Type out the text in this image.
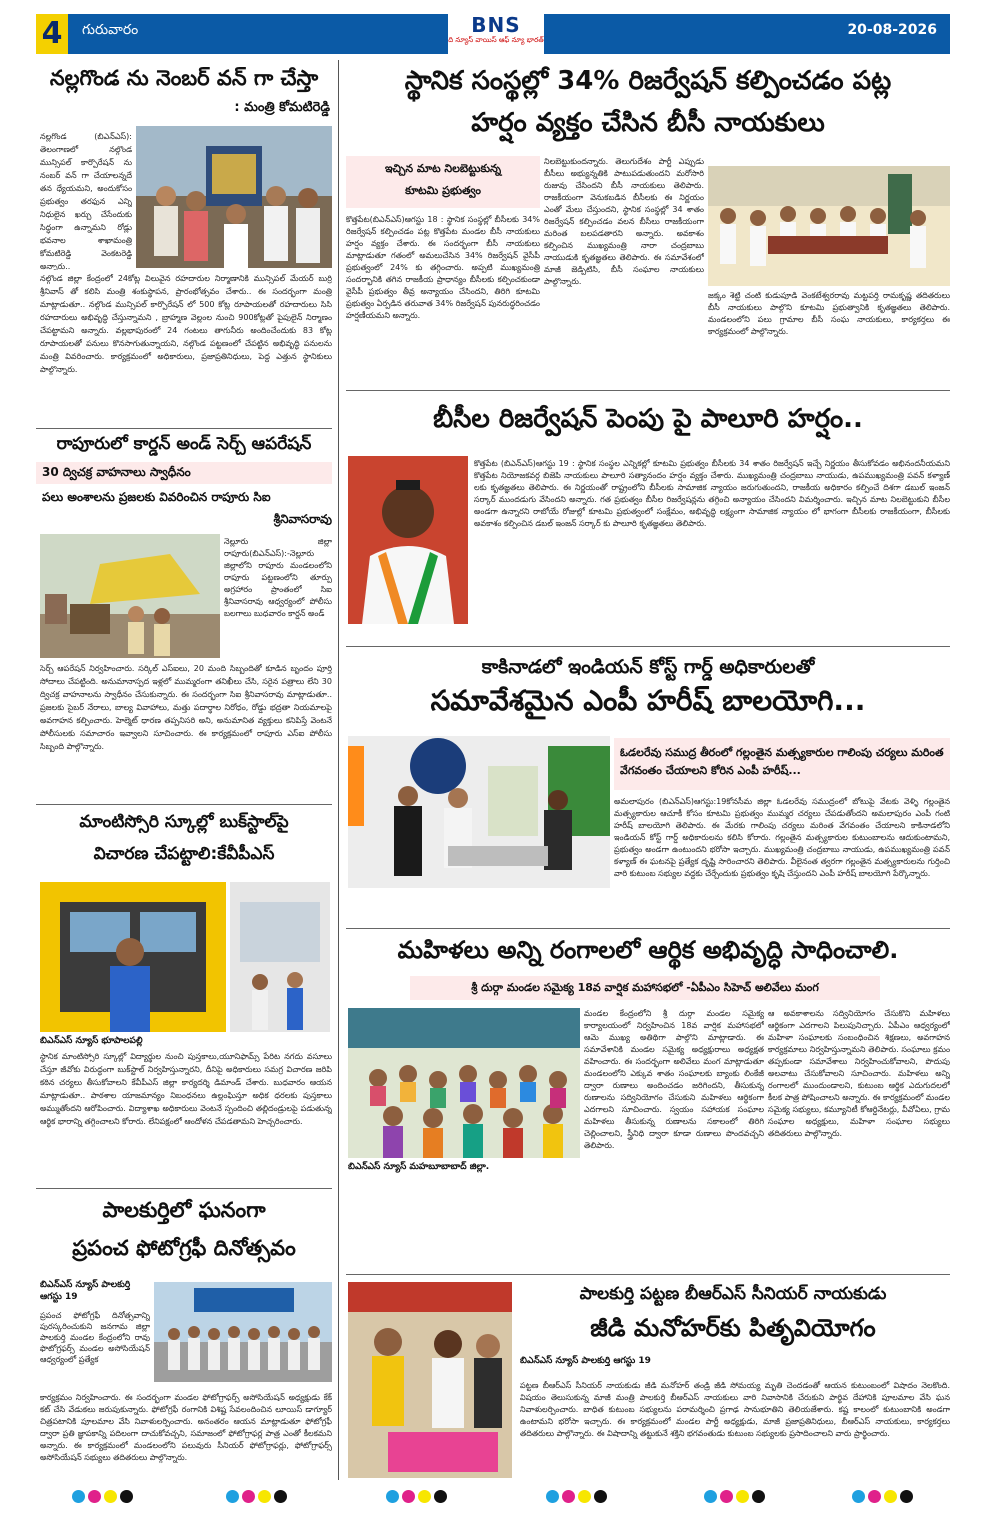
4	గురువారం	BNS
ది న్యూస్ వాయిస్ ఆఫ్ న్యూ భారత్
20-08-2026
నల్లగొండ ను నెంబర్ వన్ గా చేస్తా
: మంత్రి కోమటిరెడ్డి
నల్లగొండ (బిఎన్ఎస్): తెలంగాణలో నల్గొండ మున్సిపల్ కార్పొరేషన్ ను నంబర్ వన్ గా చేయాలన్నదే తన ధ్యేయమని, అందుకోసం ప్రభుత్వం తరఫున ఎన్ని నిధులైన ఖర్చు చేసేందుకు సిద్ధంగా ఉన్నామని రోడ్లు భవనాల శాఖామంత్రి కోమటిరెడ్డి వెంకటరెడ్డి అన్నారు..
నల్గొండ జిల్లా కేంద్రంలో 24కోట్ల విలువైన రహదారుల నిర్మాణానికి మున్సిపల్ మేయర్ బుర్రి శ్రీనివాస్ తో కలిసి మంత్రి శంకుస్థాపన, ప్రారంభోత్సవం చేశారు.. ఈ సందర్భంగా మంత్రి మాట్లాడుతూ.. నల్గొండ మున్సిపల్ కార్పొరేషన్ లో 500 కోట్ల రూపాయలతో రహదారులు సిసి రహదారులు అభివృద్ధి చేస్తున్నామని , బ్రాహ్మణ వెల్లంల నుంచి 900కోట్లతో పైపులైన్ నిర్మాణం చేపట్టామని అన్నారు. వల్లభాపురంలో 24 గంటలు తాగునీరు అందించేందుకు 83 కోట్ల రూపాయలతో పనులు కొనసాగుతున్నాయని, నల్గొండ పట్టణంలో చేపట్టిన అభివృద్ధి పనులను మంత్రి వివరించారు. కార్యక్రమంలో అధికారులు, ప్రజాప్రతినిధులు, పెద్ద ఎత్తున స్థానికులు పాల్గొన్నారు.
రాపూరులో కార్డన్ అండ్ సెర్చ్ ఆపరేషన్
30 ద్విచక్ర వాహనాలు స్వాధీనం
పలు అంశాలను ప్రజలకు వివరించిన రాపూరు సిఐ
శ్రీనివాసరావు
నెల్లూరు జిల్లా రాపూరు(బిఎన్ఎస్):-నెల్లూరు జిల్లాలోని రాపూరు మండలంలోని రాపూరు పట్టణంలోని తూర్పు అగ్రహారం ప్రాంతంలో సిఐ శ్రీనివాసరావు ఆధ్వర్యంలో పోలీసు బలగాలు బుధవారం కార్డన్ అండ్
సెర్చ్ ఆపరేషన్ నిర్వహించారు. సర్కిల్ ఎస్ఐలు, 20 మంది సిబ్బందితో కూడిన బృందం పూర్తి సోదాలు చేపట్టింది. అనుమానాస్పద ఇళ్లలో ముమ్మరంగా తనిఖీలు చేసి, సరైన పత్రాలు లేని 30 ద్విచక్ర వాహనాలను స్వాధీనం చేసుకున్నారు. ఈ సందర్భంగా సిఐ శ్రీనివాసరావు మాట్లాడుతూ.. ప్రజలకు సైబర్ నేరాలు, బాల్య వివాహాలు, మత్తు పదార్థాల నిరోధం, రోడ్డు భద్రతా నియమాలపై అవగాహన కల్పించారు. హెల్మెట్ ధారణ తప్పనిసరి అని, అనుమానిత వ్యక్తులు కనిపిస్తే వెంటనే పోలీసులకు సమాచారం ఇవ్వాలని సూచించారు. ఈ కార్యక్రమంలో రాపూరు ఎస్ఐ పోలీసు సిబ్బంది పాల్గొన్నారు.
మాంటిస్సోరి స్కూల్లో బుక్‌స్టాల్‌పై
విచారణ చేపట్టాలి:కేవీపీఎస్
బిఎన్ఎస్ న్యూస్ భూపాలపల్లి
స్థానిక మాంటిస్సోరి స్కూల్లో విద్యార్థుల నుంచి పుస్తకాలు,యూనిఫామ్స్ పేరిట నగదు వసూలు చేస్తూ జీవోకు విరుద్ధంగా బుక్‌స్టాల్ నిర్వహిస్తున్నారని, దీనిపై అధికారులు సమగ్ర విచారణ జరిపి కఠిన చర్యలు తీసుకోవాలని కేవీపీఎస్ జిల్లా కార్యదర్శి డిమాండ్ చేశారు. బుధవారం ఆయన మాట్లాడుతూ.. పాఠశాల యాజమాన్యం నిబంధనలు ఉల్లంఘిస్తూ అధిక ధరలకు పుస్తకాలు అమ్ముతోందని ఆరోపించారు. విద్యాశాఖ అధికారులు వెంటనే స్పందించి తల్లిదండ్రులపై పడుతున్న ఆర్థిక భారాన్ని తగ్గించాలని కోరారు. లేనిపక్షంలో ఆందోళన చేపడతామని హెచ్చరించారు.
పాలకుర్తిలో ఘనంగా
ప్రపంచ ఫోటోగ్రఫీ దినోత్సవం
బిఎన్ఎస్ న్యూస్ పాలకుర్తి ఆగస్టు 19
ప్రపంచ ఫోటోగ్రఫీ దినోత్సవాన్ని పురస్కరించుకుని జనగామ జిల్లా పాలకుర్తి మండల కేంద్రంలోని రావు ఫొటోగ్రఫర్స్ మండల అసోసియేషన్ ఆధ్వర్యంలో ప్రత్యేక
కార్యక్రమం నిర్వహించారు. ఈ సందర్భంగా మండల ఫోటోగ్రాఫర్స్ అసోసియేషన్ అధ్యక్షుడు కేక్ కట్ చేసి వేడుకలు జరుపుకున్నారు. ఫోటోగ్రఫీ రంగానికి విశిష్ట సేవలందించిన లూయిస్ డాగ్యూర్ చిత్రపటానికి పూలమాల వేసి నివాళులర్పించారు. అనంతరం ఆయన మాట్లాడుతూ ఫోటోగ్రఫీ ద్వారా ప్రతి జ్ఞాపకాన్ని పదిలంగా దాచుకోవచ్చని, సమాజంలో ఫోటోగ్రాఫర్ల పాత్ర ఎంతో కీలకమని అన్నారు. ఈ కార్యక్రమంలో మండలంలోని పలువురు సీనియర్ ఫోటోగ్రాఫర్లు, ఫోటోగ్రాఫర్స్ అసోసియేషన్ సభ్యులు తదితరులు పాల్గొన్నారు.
స్థానిక సంస్థల్లో 34% రిజర్వేషన్ కల్పించడం పట్ల
హర్షం వ్యక్తం చేసిన బీసీ నాయకులు
ఇచ్చిన మాట నిలబెట్టుకున్న
కూటమి ప్రభుత్వం
కొత్తపేట(బిఎన్ఎస్)ఆగస్టు 18 : స్థానిక సంస్థల్లో బీసీలకు 34% రిజర్వేషన్ కల్పించడం పట్ల కొత్తపేట మండల బీసీ నాయకులు హర్షం వ్యక్తం చేశారు. ఈ సందర్భంగా బీసీ నాయకులు మాట్లాడుతూ గతంలో అమలుచేసిన 34% రిజర్వేషన్ వైసీపీ ప్రభుత్వంలో 24% కు తగ్గించారు. అప్పటి ముఖ్యమంత్రి సందర్భానికి తగిన రాజకీయ ప్రాధాన్యం బీసీలకు కల్పించకుండా వైసీపీ ప్రభుత్వం తీవ్ర అన్యాయం చేసిందని, తిరిగి కూటమి ప్రభుత్వం ఏర్పడిన తరువాత 34% రిజర్వేషన్ పునరుద్ధరించడం హర్షణీయమని అన్నారు.
నిలబెట్టుకుందన్నారు. తెలుగుదేశం పార్టీ ఎప్పుడు బీసీలు అభ్యున్నతికి పాటుపడుతుందని మరోసారి రుజువు చేసిందని బీసీ నాయకులు తెలిపారు. రాజకీయంగా వెనుకబడిన బీసీలకు ఈ నిర్ణయం ఎంతో మేలు చేస్తుందని, స్థానిక సంస్థల్లో 34 శాతం రిజర్వేషన్ కల్పించడం వలన బీసీలు రాజకీయంగా మరింత బలపడతారని అన్నారు. అవకాశం కల్పించిన ముఖ్యమంత్రి నారా చంద్రబాబు నాయుడుకి కృతజ్ఞతలు తెలిపారు. ఈ సమావేశంలో మాజీ జెడ్పిటిసి, బీసీ సంఘాల నాయకులు పాల్గొన్నారు.
జక్కం శెట్టి చంటి కుడుపూడి వెంకటేశ్వరరావు మట్టపర్తి రామకృష్ణ తదితరులు బీసీ నాయకులు పాల్గొని కూటమి ప్రభుత్వానికి కృతజ్ఞతలు తెలిపారు. మండలంలోని పలు గ్రామాల బీసీ సంఘ నాయకులు, కార్యకర్తలు ఈ కార్యక్రమంలో పాల్గొన్నారు.
బీసీల రిజర్వేషన్ పెంపు పై పాలూరి హర్షం..
కొత్తపేట (బిఎన్ఎస్)ఆగస్టు 19 : స్థానిక సంస్థల ఎన్నికల్లో కూటమి ప్రభుత్వం బీసీలకు 34 శాతం రిజర్వేషన్ ఇచ్చే నిర్ణయం తీసుకోవడం అభినందనీయమని కొత్తపేట నియోజకవర్గ బిజెపి నాయకులు పాలూరి సత్యానందం హర్షం వ్యక్తం చేశారు. ముఖ్యమంత్రి చంద్రబాబు నాయుడు, ఉపముఖ్యమంత్రి పవన్ కళ్యాణ్ లకు కృతజ్ఞతలు తెలిపారు. ఈ నిర్ణయంతో రాష్ట్రంలోని బీసీలకు సామాజిక న్యాయం జరుగుతుందని, రాజకీయ అధికారం కల్పించే దిశగా డబుల్ ఇంజన్ సర్కార్ ముందడుగు వేసిందని అన్నారు. గత ప్రభుత్వం బీసీల రిజర్వేషన్లను తగ్గించి అన్యాయం చేసిందని విమర్శించారు. ఇచ్చిన మాట నిలబెట్టుకుని బీసీల అండగా ఉన్నారని రాబోయే రోజుల్లో కూటమి ప్రభుత్వంలో సంక్షేమం, అభివృద్ధి లక్ష్యంగా సామాజిక న్యాయం లో భాగంగా బీసీలకు రాజకీయంగా, బీసీలకు అవకాశం కల్పించిన డబల్ ఇంజన్ సర్కార్ కు పాలూరి కృతజ్ఞతలు తెలిపారు.
కాకినాడలో ఇండియన్ కోస్ట్ గార్డ్ అధికారులతో
సమావేశమైన ఎంపీ హరీష్ బాలయోగి...
ఓడలరేవు సముద్ర తీరంలో గల్లంతైన మత్స్యకారుల గాలింపు చర్యలు మరింత వేగవంతం చేయాలని కోరిన ఎంపీ హరీష్...
అమలాపురం (బిఎన్ఎస్)ఆగస్టు:19కోనసీమ జిల్లా ఓడలరేవు సముద్రంలో బోటుపై వేటకు వెళ్ళి గల్లంతైన మత్స్యకారుల ఆచూకీ కోసం కూటమి ప్రభుత్వం ముమ్మర చర్యలు చేపడుతోందని అమలాపురం ఎంపీ గంటి హరీష్ బాలయోగి తెలిపారు. ఈ మేరకు గాలింపు చర్యలు మరింత వేగవంతం చేయాలని కాకినాడలోని ఇండియన్ కోస్ట్ గార్డ్ అధికారులను కలిసి కోరారు. గల్లంతైన మత్స్యకారుల కుటుంబాలను ఆదుకుంటామని, ప్రభుత్వం అండగా ఉంటుందని భరోసా ఇచ్చారు. ముఖ్యమంత్రి చంద్రబాబు నాయుడు, ఉపముఖ్యమంత్రి పవన్ కళ్యాణ్ ఈ ఘటనపై ప్రత్యేక దృష్టి సారించారని తెలిపారు. వీలైనంత త్వరగా గల్లంతైన మత్స్యకారులను గుర్తించి వారి కుటుంబ సభ్యుల వద్దకు చేర్చేందుకు ప్రభుత్వం కృషి చేస్తుందని ఎంపీ హరీష్ బాలయోగి పేర్కొన్నారు.
మహిళలు అన్ని రంగాలలో ఆర్థిక అభివృద్ధి సాధించాలి.
శ్రీ దుర్గా మండల సమైక్య 18వ వార్షిక మహాసభలో -ఏపీఎం సిహెచ్ అలివేలు మంగ
బిఎన్ఎస్ న్యూస్ మహబూబాబాద్ జిల్లా.
మండల కేంద్రంలోని శ్రీ దుర్గా మండల సమైక్య కార్యాలయంలో నిర్వహించిన 18వ వార్షిక మహాసభలో ఆమె ముఖ్య అతిథిగా పాల్గొని మాట్లాడారు. ఈ సమావేశానికి మండల సమైక్య అధ్యక్షురాలు అధ్యక్షత వహించారు. ఈ సందర్భంగా అలివేలు మంగ మాట్లాడుతూ మండలంలోని ఎక్కువ శాతం సంఘాలకు బ్యాంకు లింకేజీ ద్వారా రుణాలు అందించడం జరిగిందని, తీసుకున్న రుణాలను సద్వినియోగం చేసుకుని మహిళలు ఆర్థికంగా ఎదగాలని సూచించారు. స్వయం సహాయక సంఘాల మహిళలు తీసుకున్న రుణాలను సకాలంలో తిరిగి చెల్లించాలని, స్త్రీనిధి ద్వారా కూడా రుణాలు పొందవచ్చని తెలిపారు.
ఆ అవకాశాలను సద్వినియోగం చేసుకొని మహిళలు ఆర్థికంగా ఎదగాలని పిలుపునిచ్చారు. ఏపీఎం ఆధ్వర్యంలో మహిళా సంఘాలకు సంబంధించిన శిక్షణలు, అవగాహన కార్యక్రమాలు నిర్వహిస్తున్నామని తెలిపారు. సంఘాలు క్రమం తప్పకుండా సమావేశాలు నిర్వహించుకోవాలని, పొదుపు అలవాటు చేసుకోవాలని సూచించారు. మహిళలు అన్ని రంగాలలో ముందుండాలని, కుటుంబ ఆర్థిక ఎదుగుదలలో కీలక పాత్ర పోషించాలని అన్నారు. ఈ కార్యక్రమంలో మండల సమైక్య సభ్యులు, కమ్యూనిటీ కోఆర్డినేటర్లు, వీవోఏలు, గ్రామ సంఘాల అధ్యక్షులు, మహిళా సంఘాల సభ్యులు తదితరులు పాల్గొన్నారు.
పాలకుర్తి పట్టణ బీఆర్ఎస్ సీనియర్ నాయకుడు
జీడి మనోహర్‌కు పితృవియోగం
బిఎన్ఎస్ న్యూస్ పాలకుర్తి ఆగస్టు 19
పట్టణ బీఆర్ఎస్ సీనియర్ నాయకుడు జీడి మనోహర్ తండ్రి జీడి సోమయ్య మృతి చెందడంతో ఆయన కుటుంబంలో విషాదం నెలకొంది. విషయం తెలుసుకున్న మాజీ మంత్రి పాలకుర్తి బీఆర్ఎస్ నాయకులు వారి నివాసానికి చేరుకుని పార్థివ దేహానికి పూలమాల వేసి ఘన నివాళులర్పించారు. బాధిత కుటుంబ సభ్యులను పరామర్శించి ప్రగాఢ సానుభూతిని తెలియజేశారు. కష్ట కాలంలో కుటుంబానికి అండగా ఉంటామని భరోసా ఇచ్చారు. ఈ కార్యక్రమంలో మండల పార్టీ అధ్యక్షుడు, మాజీ ప్రజాప్రతినిధులు, బీఆర్ఎస్ నాయకులు, కార్యకర్తలు తదితరులు పాల్గొన్నారు. ఈ విషాదాన్ని తట్టుకునే శక్తిని భగవంతుడు కుటుంబ సభ్యులకు ప్రసాదించాలని వారు ప్రార్థించారు.
